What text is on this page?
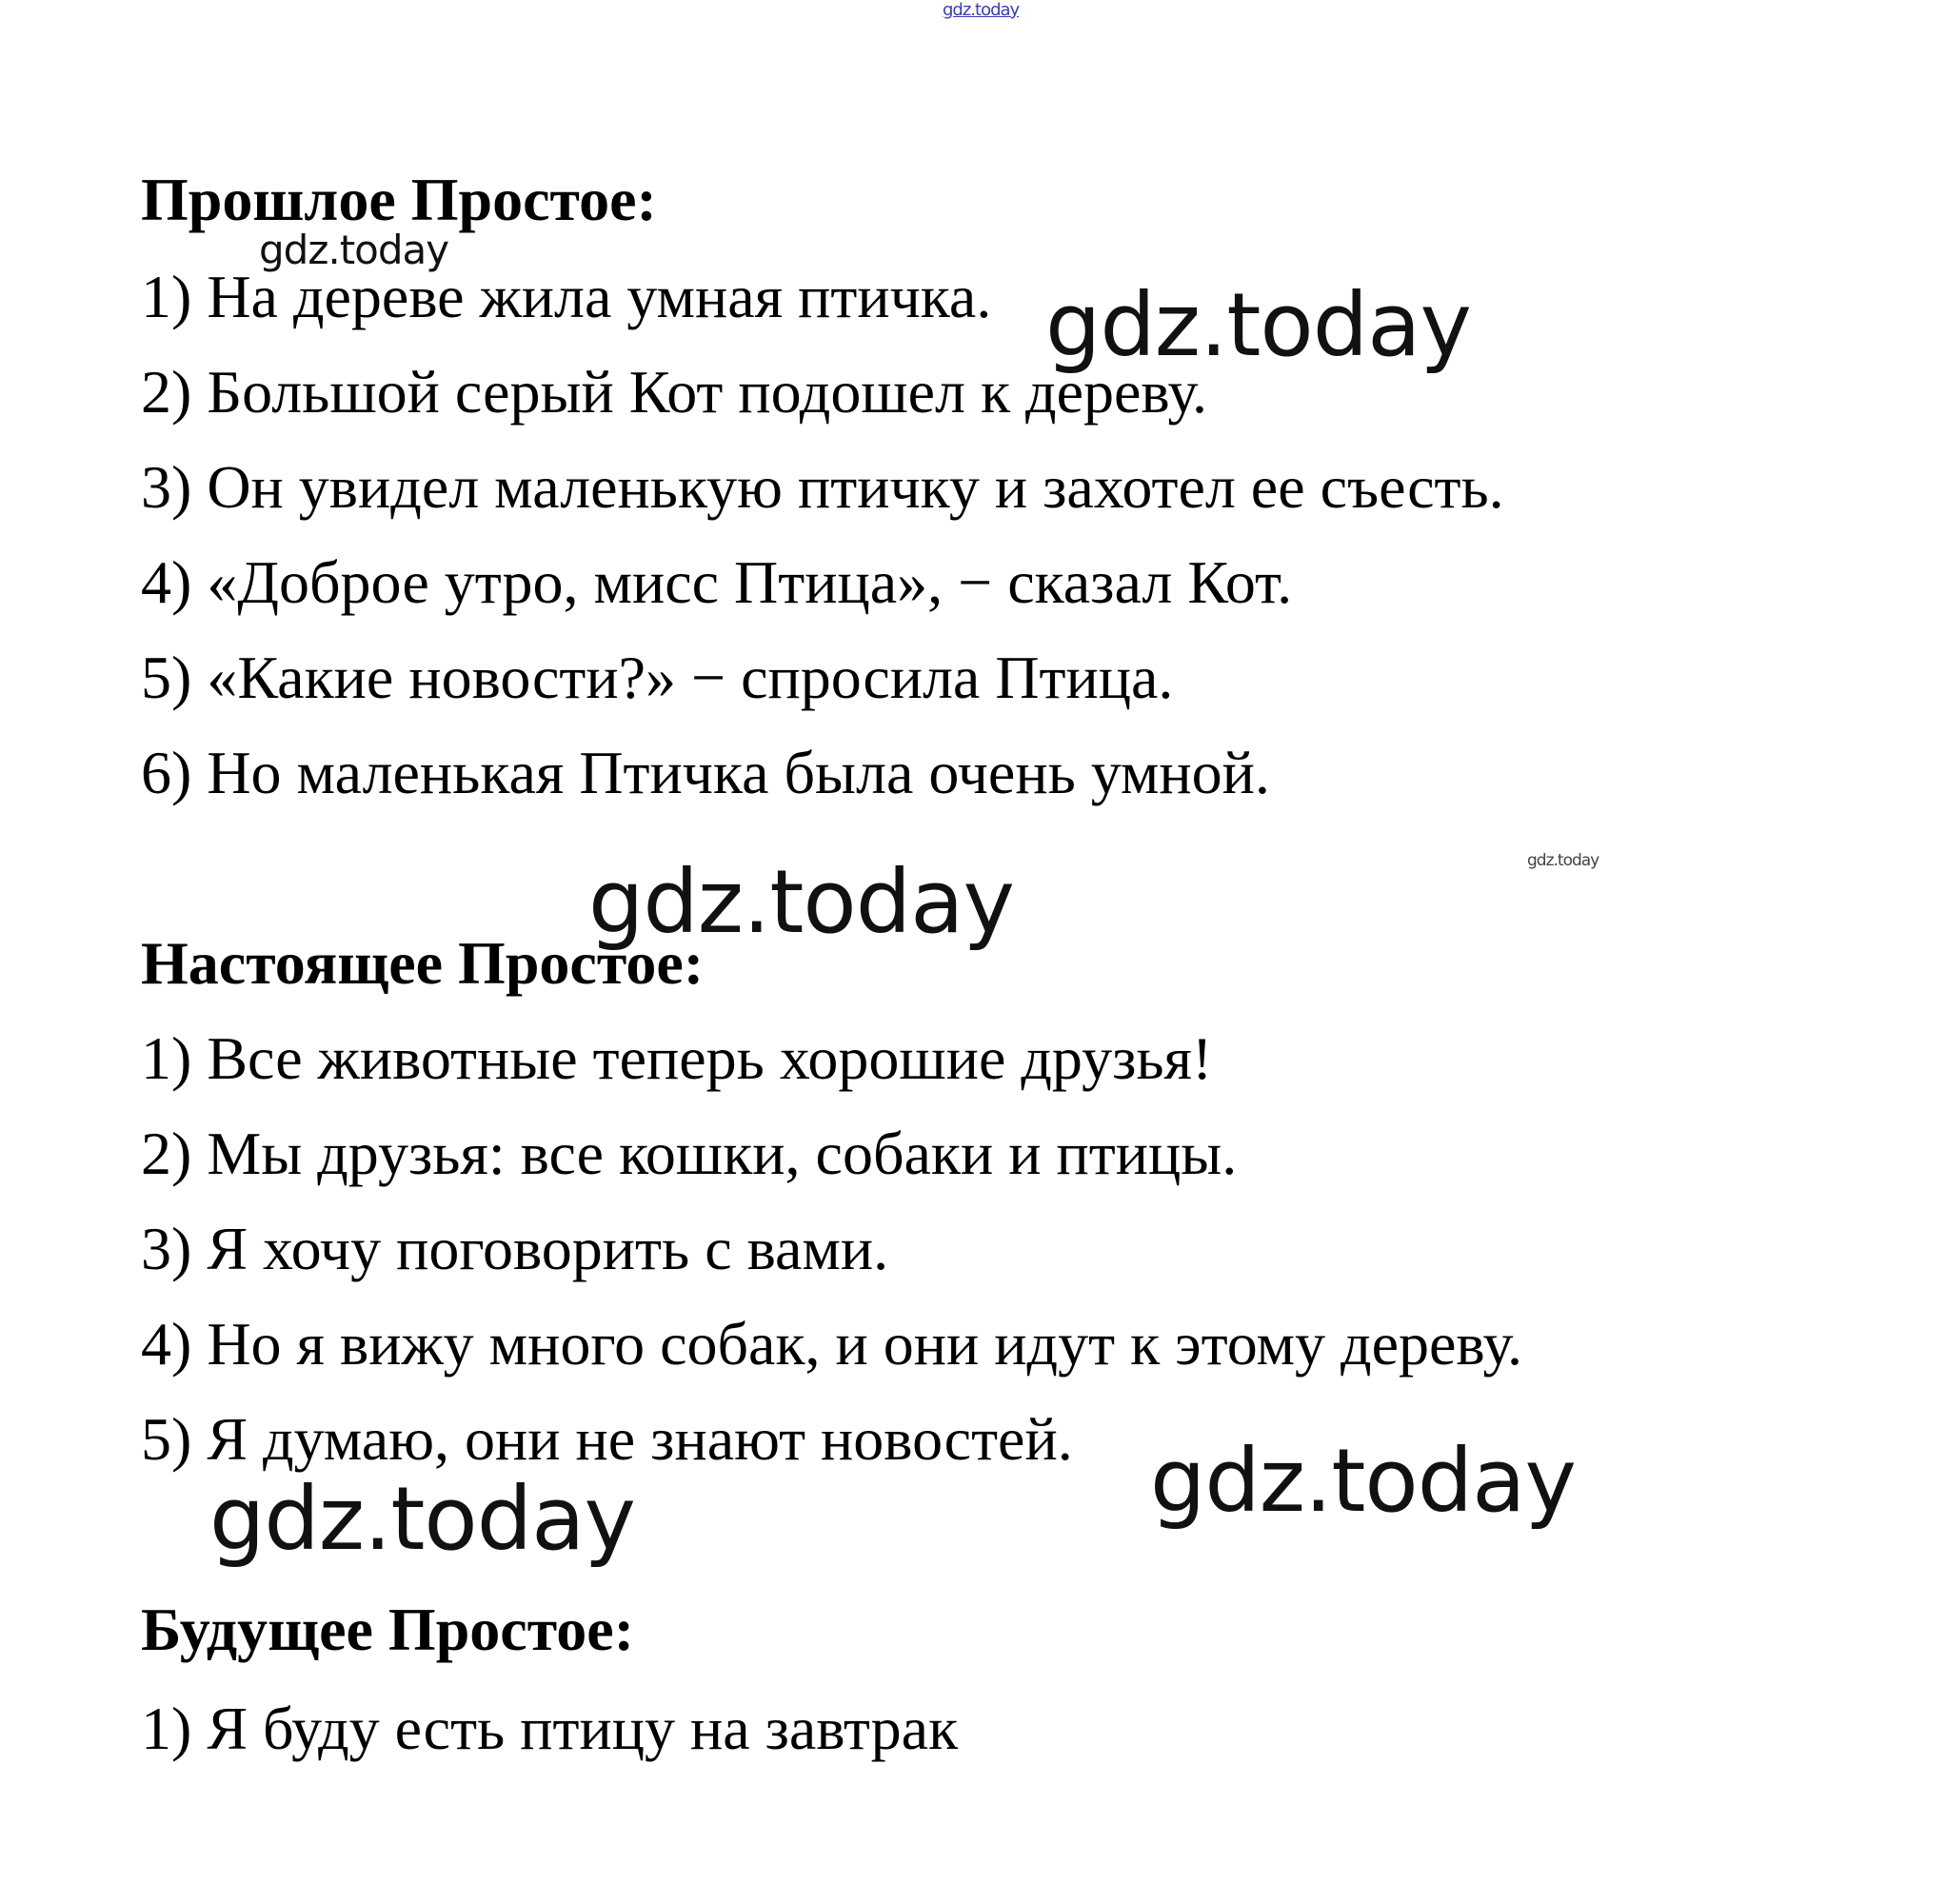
gdz.today
Прошлое Простое:
1) На дереве жила умная птичка.
2) Большой серый Кот подошел к дереву.
3) Он увидел маленькую птичку и захотел ее съесть.
4) «Доброе утро, мисс Птица», − сказал Кот.
5) «Какие новости?» − спросила Птица.
6) Но маленькая Птичка была очень умной.
Настоящее Простое:
1) Все животные теперь хорошие друзья!
2) Мы друзья: все кошки, собаки и птицы.
3) Я хочу поговорить с вами.
4) Но я вижу много собак, и они идут к этому дереву.
5) Я думаю, они не знают новостей.
Будущее Простое:
1) Я буду есть птицу на завтрак
gdz.today
gdz.today
gdz.today
gdz.today
gdz.today
gdz.today
